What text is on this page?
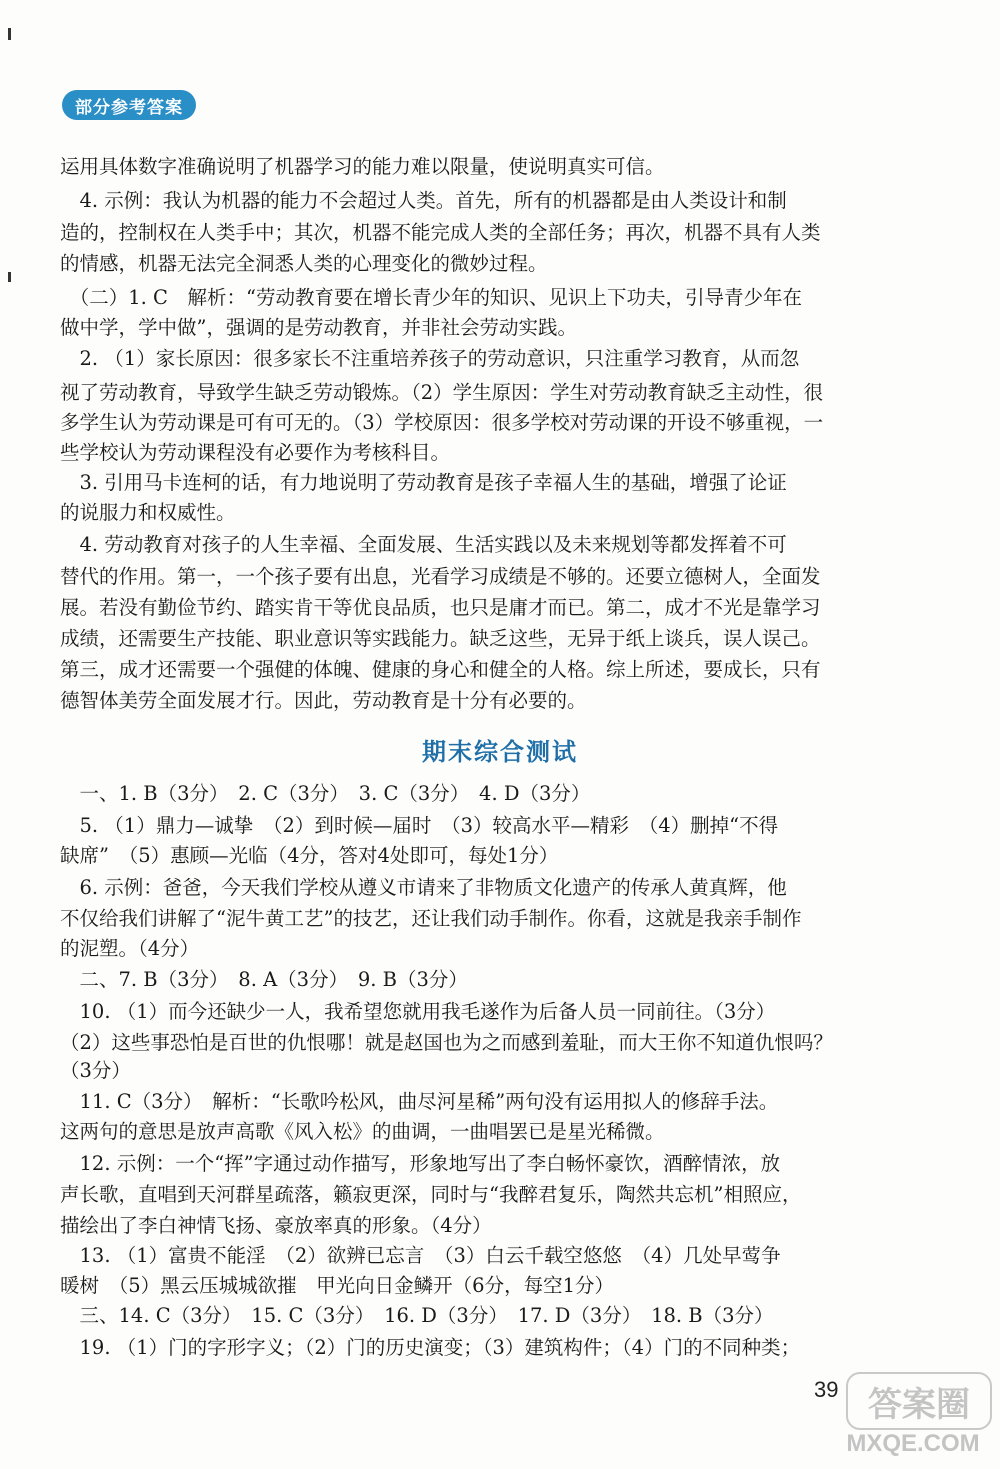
部分参考答案
运用具体数字准确说明了机器学习的能力难以限量，使说明真实可信。
　4. 示例：我认为机器的能力不会超过人类。首先，所有的机器都是由人类设计和制
造的，控制权在人类手中；其次，机器不能完成人类的全部任务；再次，机器不具有人类
的情感，机器无法完全洞悉人类的心理变化的微妙过程。
　（二）1. C　解析：“劳动教育要在增长青少年的知识、见识上下功夫，引导青少年在
做中学，学中做”，强调的是劳动教育，并非社会劳动实践。
　2. （1）家长原因：很多家长不注重培养孩子的劳动意识，只注重学习教育，从而忽
视了劳动教育，导致学生缺乏劳动锻炼。（2）学生原因：学生对劳动教育缺乏主动性，很
多学生认为劳动课是可有可无的。（3）学校原因：很多学校对劳动课的开设不够重视，一
些学校认为劳动课程没有必要作为考核科目。
　3. 引用马卡连柯的话，有力地说明了劳动教育是孩子幸福人生的基础，增强了论证
的说服力和权威性。
　4. 劳动教育对孩子的人生幸福、全面发展、生活实践以及未来规划等都发挥着不可
替代的作用。第一，一个孩子要有出息，光看学习成绩是不够的。还要立德树人，全面发
展。若没有勤俭节约、踏实肯干等优良品质，也只是庸才而已。第二，成才不光是靠学习
成绩，还需要生产技能、职业意识等实践能力。缺乏这些，无异于纸上谈兵，误人误己。
第三，成才还需要一个强健的体魄、健康的身心和健全的人格。综上所述，要成长，只有
德智体美劳全面发展才行。因此，劳动教育是十分有必要的。
期末综合测试
　一、1. B（3分）　2. C（3分）　3. C（3分）　4. D（3分）
　5. （1）鼎力—诚挚　（2）到时候—届时　（3）较高水平—精彩　（4）删掉“不得
缺席”　（5）惠顾—光临（4分，答对4处即可，每处1分）
　6. 示例：爸爸，今天我们学校从遵义市请来了非物质文化遗产的传承人黄真辉，他
不仅给我们讲解了“泥牛黄工艺”的技艺，还让我们动手制作。你看，这就是我亲手制作
的泥塑。（4分）
　二、7. B（3分）　8. A（3分）　9. B（3分）
　10. （1）而今还缺少一人，我希望您就用我毛遂作为后备人员一同前往。（3分）
（2）这些事恐怕是百世的仇恨哪！就是赵国也为之而感到羞耻，而大王你不知道仇恨吗？
（3分）
　11. C（3分）　解析：“长歌吟松风，曲尽河星稀”两句没有运用拟人的修辞手法。
这两句的意思是放声高歌《风入松》的曲调，一曲唱罢已是星光稀微。
　12. 示例：一个“挥”字通过动作描写，形象地写出了李白畅怀豪饮，酒醉情浓，放
声长歌，直唱到天河群星疏落，籁寂更深，同时与“我醉君复乐，陶然共忘机”相照应，
描绘出了李白神情飞扬、豪放率真的形象。（4分）
　13. （1）富贵不能淫　（2）欲辨已忘言　（3）白云千载空悠悠　（4）几处早莺争
暖树　（5）黑云压城城欲摧　甲光向日金鳞开（6分，每空1分）
　三、14. C（3分）　15. C（3分）　16. D（3分）　17. D（3分）　18. B（3分）
　19. （1）门的字形字义；（2）门的历史演变；（3）建筑构件；（4）门的不同种类；
39 答案圈
MXQE.COM
